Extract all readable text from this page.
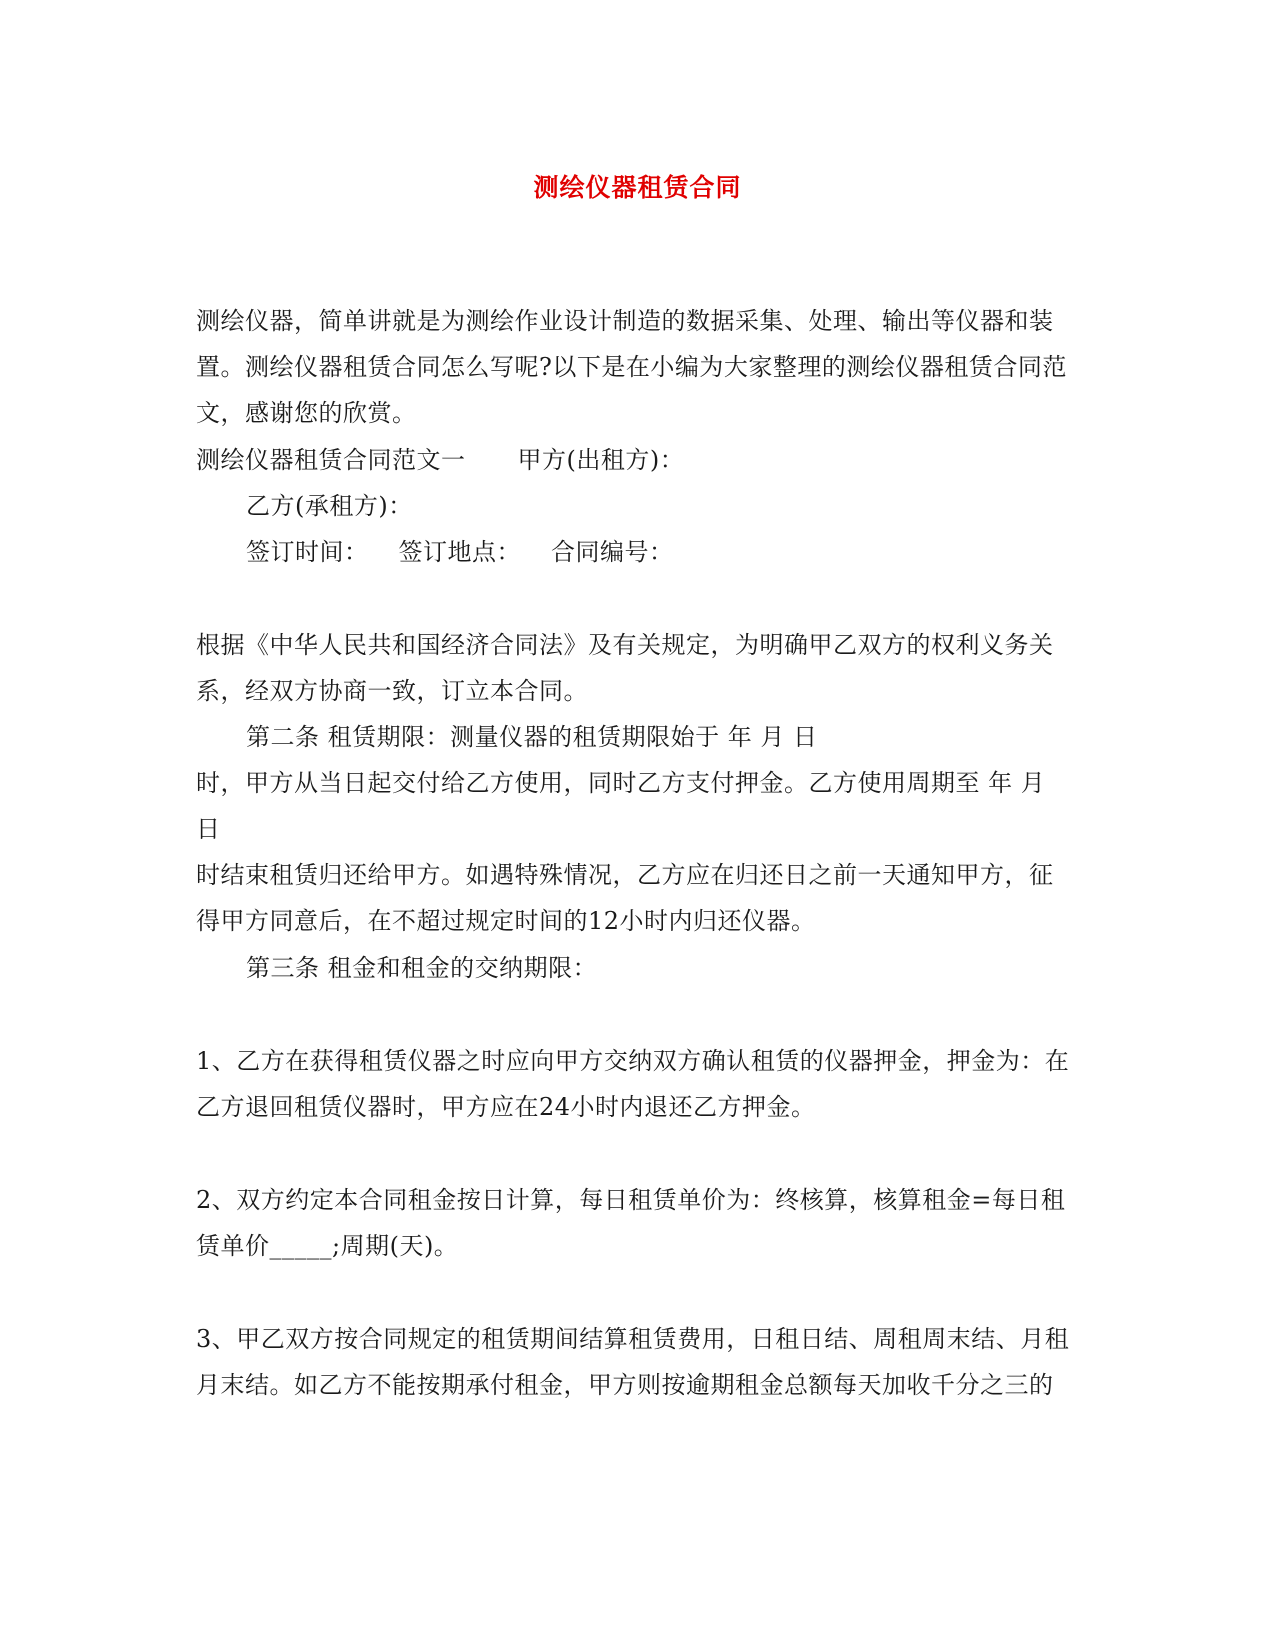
测绘仪器租赁合同
测绘仪器，简单讲就是为测绘作业设计制造的数据采集、处理、输出等仪器和装
置。测绘仪器租赁合同怎么写呢?以下是在小编为大家整理的测绘仪器租赁合同范
文，感谢您的欣赏。
测绘仪器租赁合同范文一 甲方(出租方)：
乙方(承租方)：
签订时间： 签订地点： 合同编号：
根据《中华人民共和国经济合同法》及有关规定，为明确甲乙双方的权利义务关
系，经双方协商一致，订立本合同。
第二条 租赁期限：测量仪器的租赁期限始于 年 月 日
时，甲方从当日起交付给乙方使用，同时乙方支付押金。乙方使用周期至 年 月
日
时结束租赁归还给甲方。如遇特殊情况，乙方应在归还日之前一天通知甲方，征
得甲方同意后，在不超过规定时间的12小时内归还仪器。
第三条 租金和租金的交纳期限：
1、乙方在获得租赁仪器之时应向甲方交纳双方确认租赁的仪器押金，押金为：在
乙方退回租赁仪器时，甲方应在24小时内退还乙方押金。
2、双方约定本合同租金按日计算，每日租赁单价为：终核算，核算租金=每日租
赁单价_____;周期(天)。
3、甲乙双方按合同规定的租赁期间结算租赁费用，日租日结、周租周末结、月租
月末结。如乙方不能按期承付租金，甲方则按逾期租金总额每天加收千分之三的
